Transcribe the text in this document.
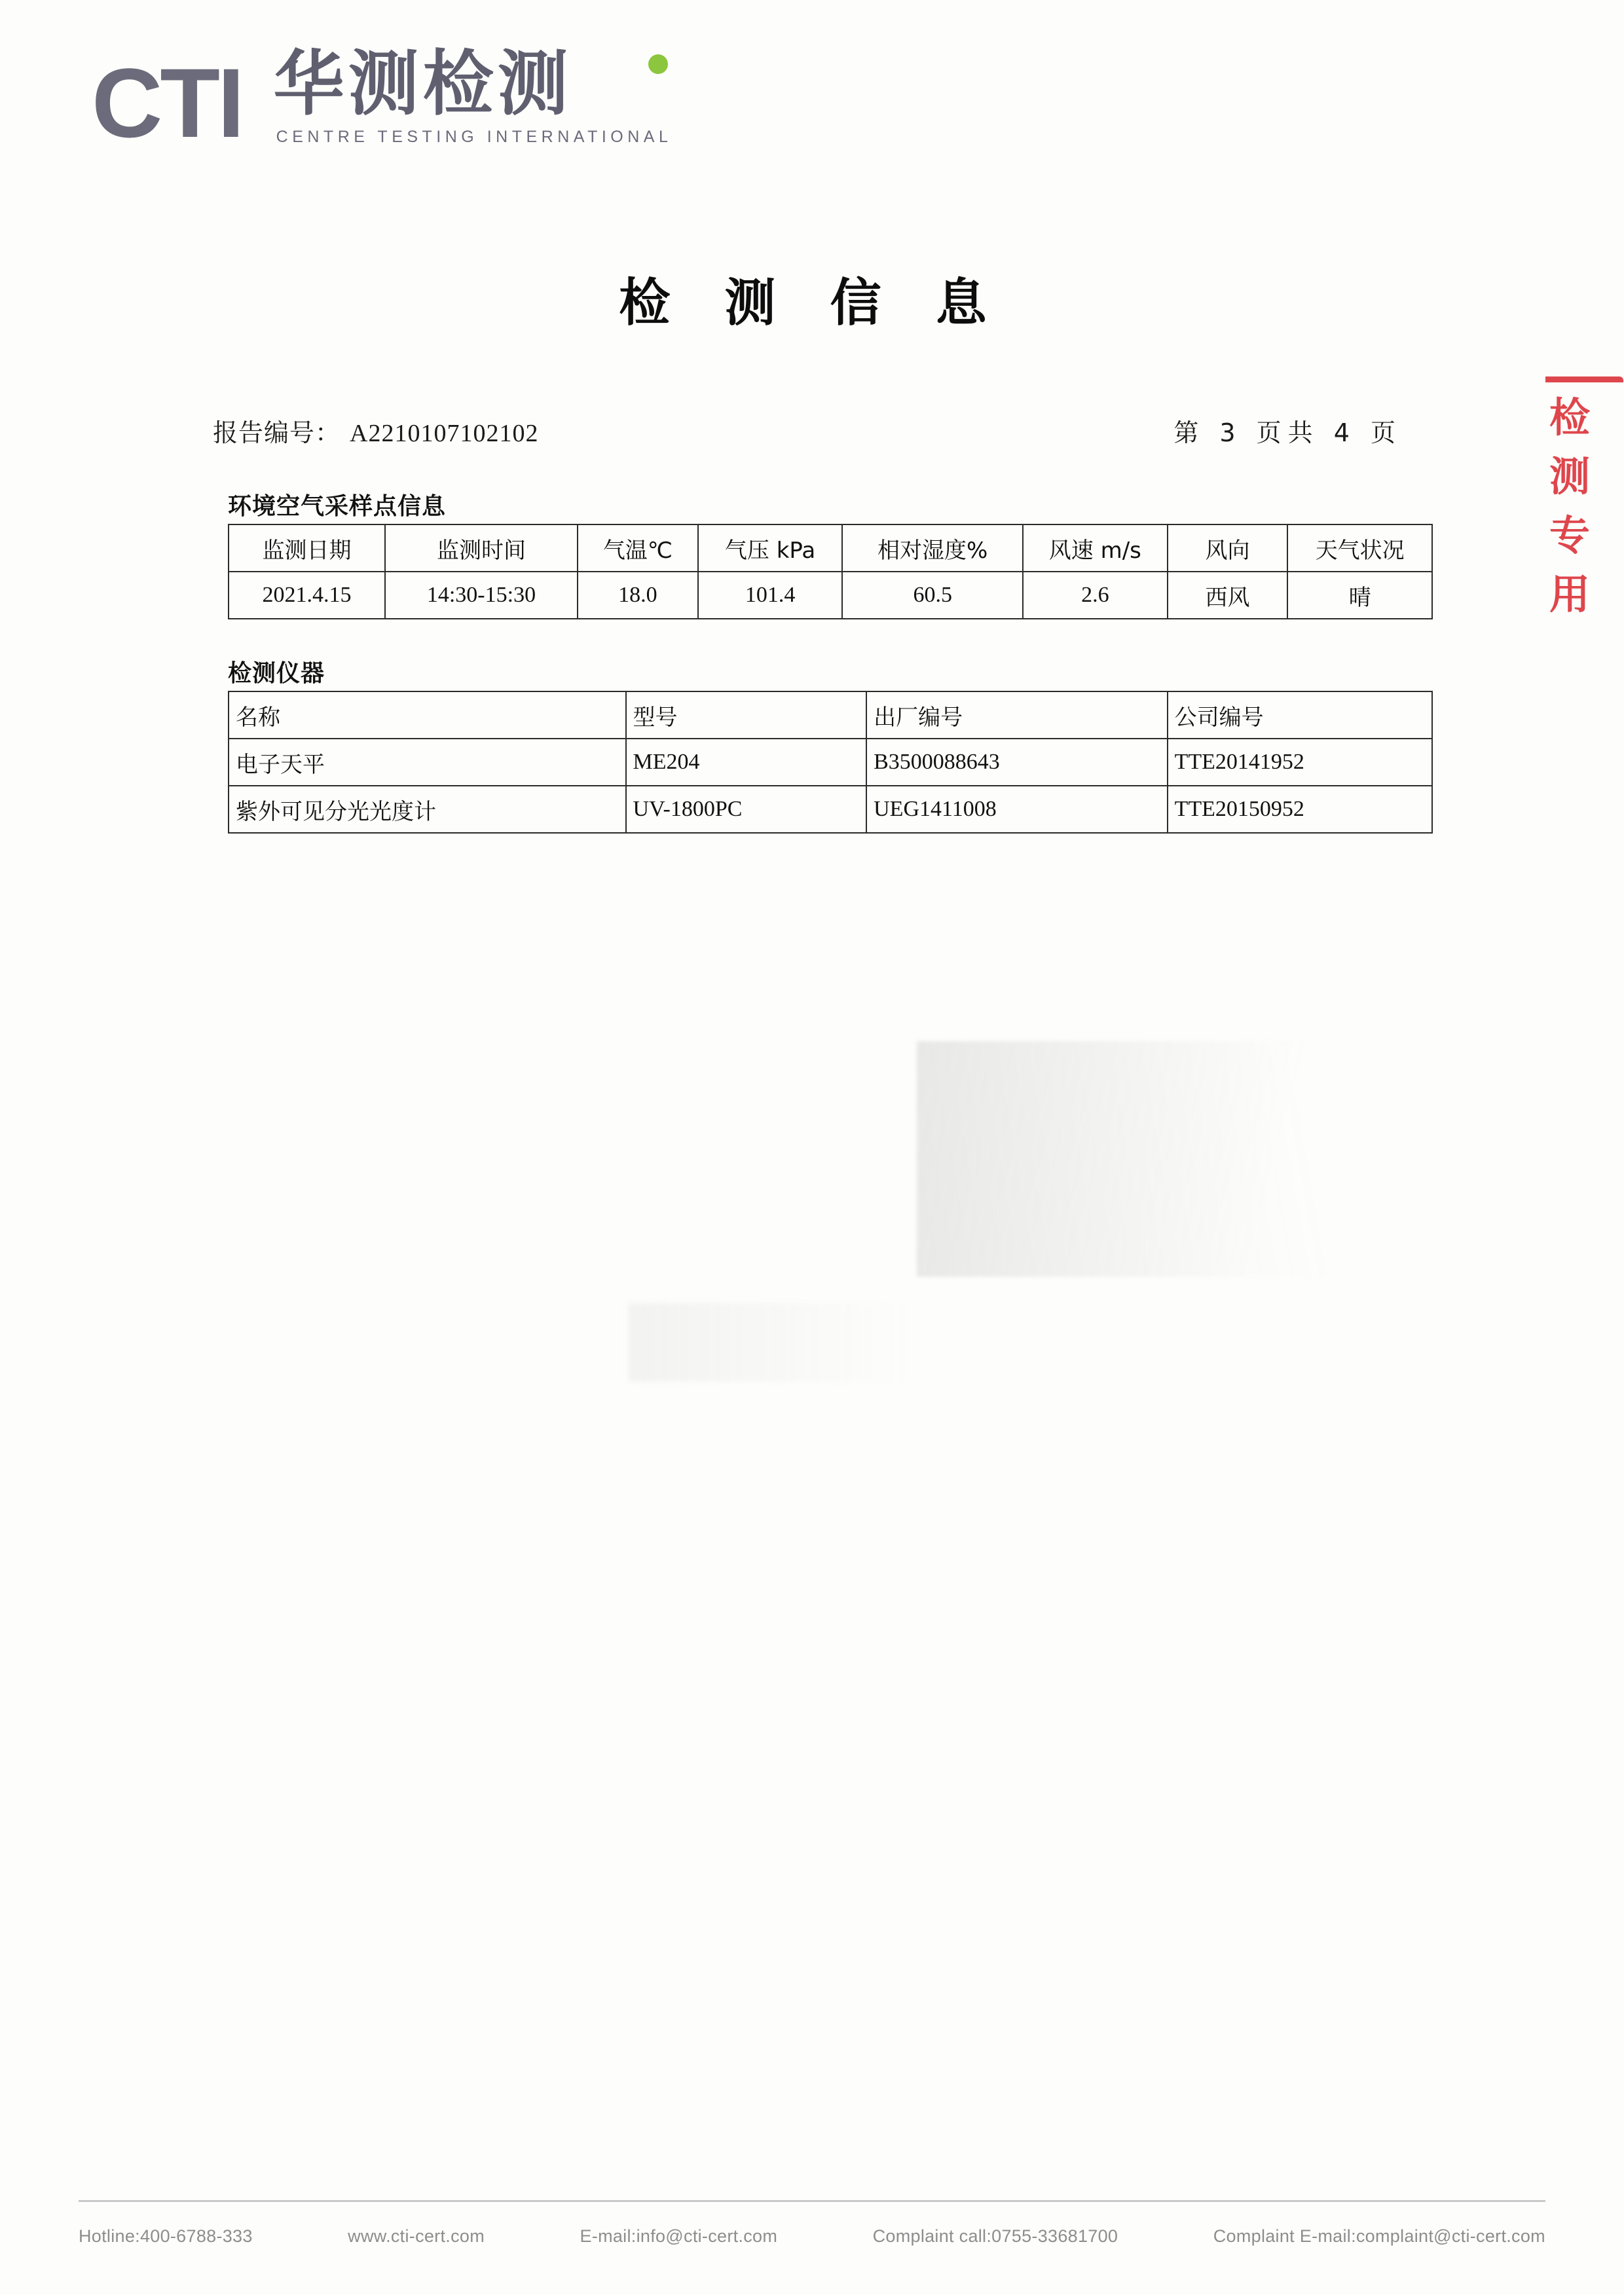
CTI 华测检测
CENTRE TESTING INTERNATIONAL
检 测 信 息
报告编号： A2210107102102	第 3 页共 4 页	检测专用
环境空气采样点信息
监测日期	监测时间	气温℃	气压 kPa	相对湿度%	风速 m/s	风向	天气状况
2021.4.15	14:30-15:30	18.0	101.4	60.5	2.6	西风	晴
检测仪器
名称	型号	出厂编号	公司编号
电子天平	ME204	B3500088643	TTE20141952
紫外可见分光光度计	UV-1800PC	UEG1411008	TTE20150952
Hotline:400-6788-333	www.cti-cert.com	E-mail:info@cti-cert.com	Complaint call:0755-33681700	Complaint E-mail:complaint@cti-cert.com
